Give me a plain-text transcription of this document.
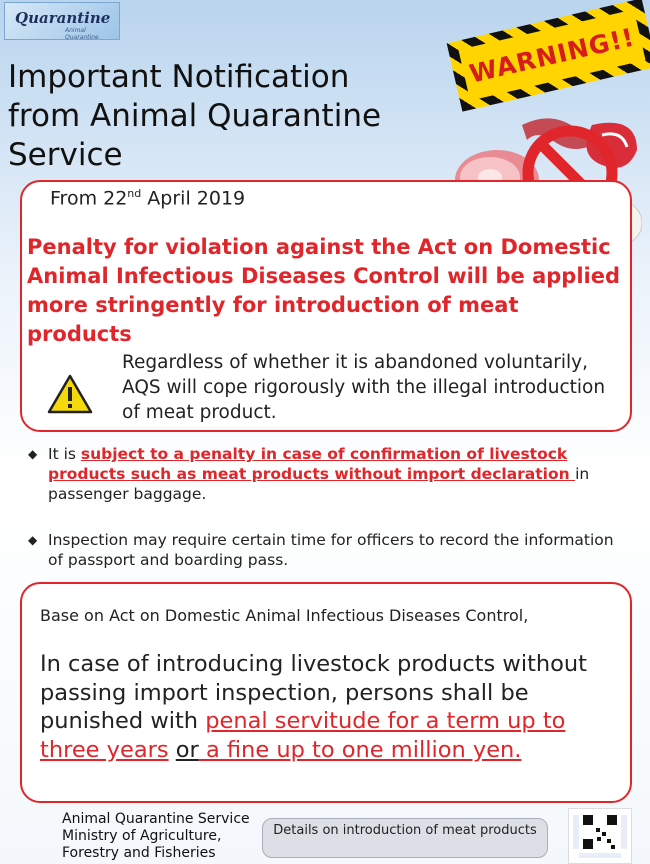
Quarantine
Animal Quarantine
Important Notification
from Animal Quarantine
Service
WARNING!!
From 22nd April 2019
Penalty for violation against the Act on Domestic Animal Infectious Diseases Control will be applied more stringently for introduction of meat products
Regardless of whether it is abandoned voluntarily, AQS will cope rigorously with the illegal introduction of meat product.
◆ It is subject to a penalty in case of confirmation of livestock products such as meat products without import declaration in passenger baggage.
◆ Inspection may require certain time for officers to record the information of passport and boarding pass.
Base on Act on Domestic Animal Infectious Diseases Control,
In case of introducing livestock products without passing import inspection, persons shall be punished with penal servitude for a term up to three years or a fine up to one million yen.
Animal Quarantine Service
Ministry of Agriculture,
Forestry and Fisheries
Details on introduction of meat products
